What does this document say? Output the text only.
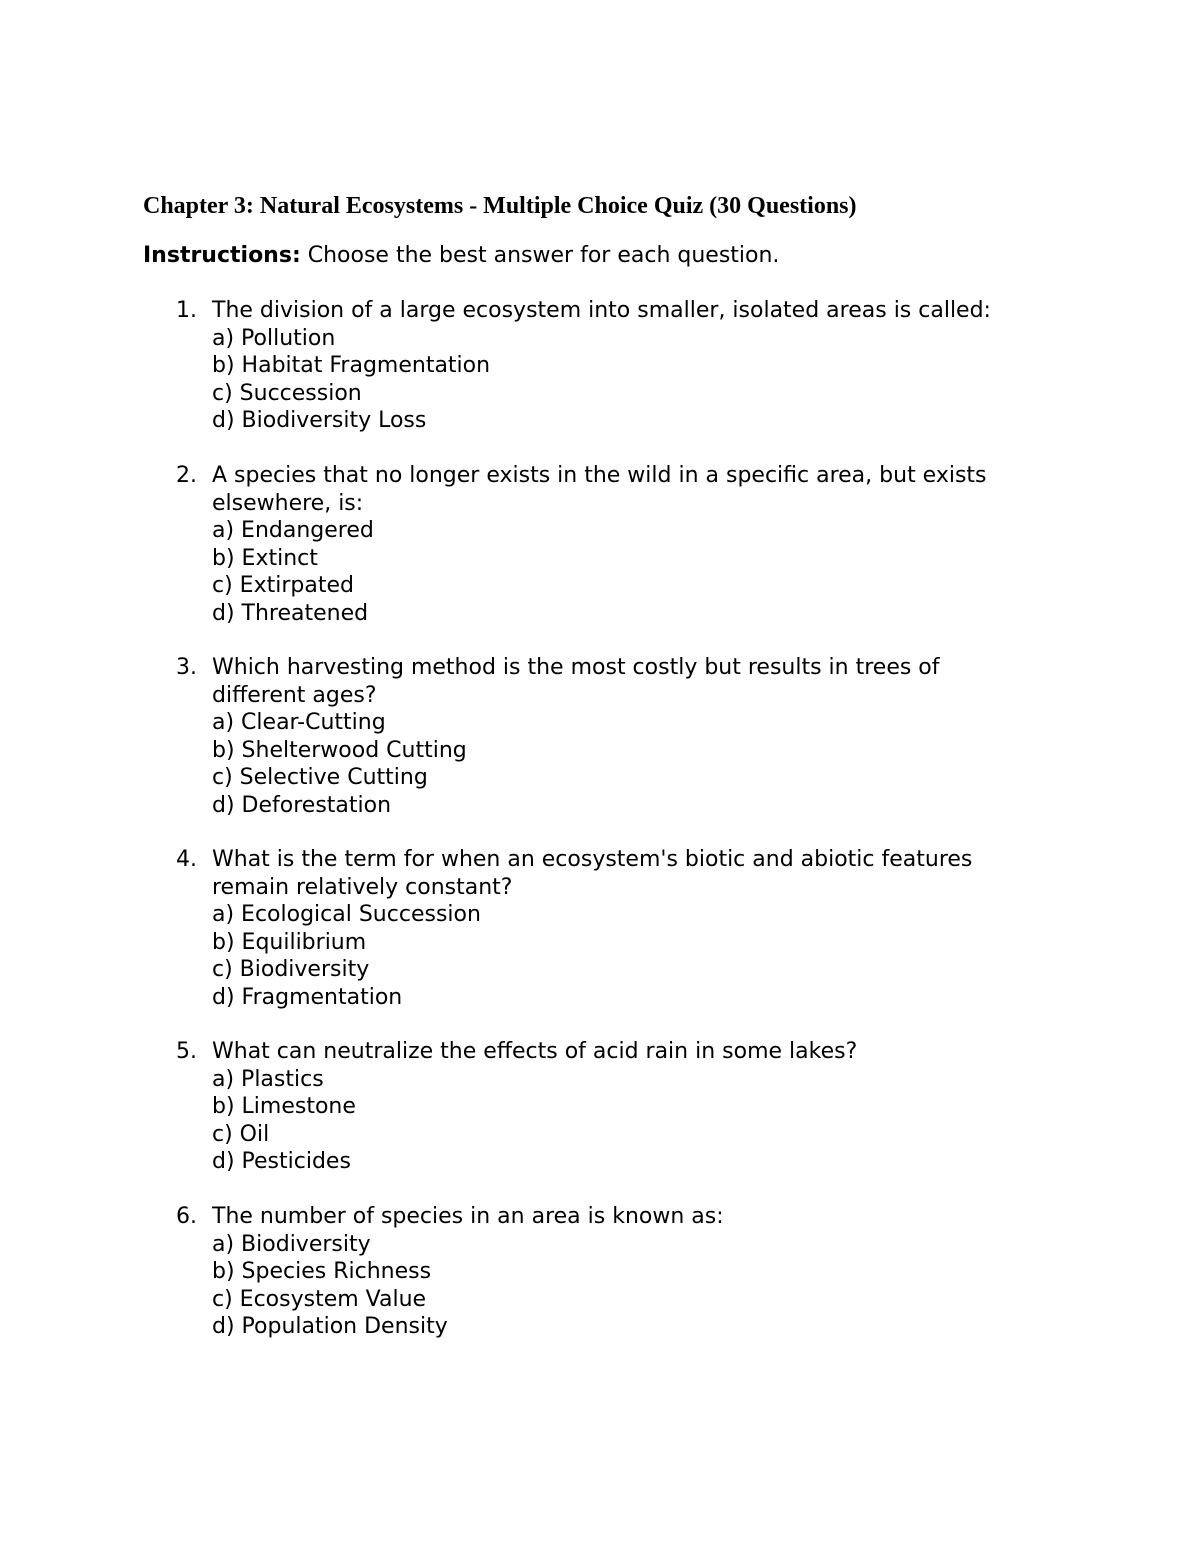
Chapter 3: Natural Ecosystems - Multiple Choice Quiz (30 Questions)
Instructions: Choose the best answer for each question.
1. The division of a large ecosystem into smaller, isolated areas is called:
a) Pollution
b) Habitat Fragmentation
c) Succession
d) Biodiversity Loss
2. A species that no longer exists in the wild in a specific area, but exists
elsewhere, is:
a) Endangered
b) Extinct
c) Extirpated
d) Threatened
3. Which harvesting method is the most costly but results in trees of
different ages?
a) Clear-Cutting
b) Shelterwood Cutting
c) Selective Cutting
d) Deforestation
4. What is the term for when an ecosystem's biotic and abiotic features
remain relatively constant?
a) Ecological Succession
b) Equilibrium
c) Biodiversity
d) Fragmentation
5. What can neutralize the effects of acid rain in some lakes?
a) Plastics
b) Limestone
c) Oil
d) Pesticides
6. The number of species in an area is known as:
a) Biodiversity
b) Species Richness
c) Ecosystem Value
d) Population Density
